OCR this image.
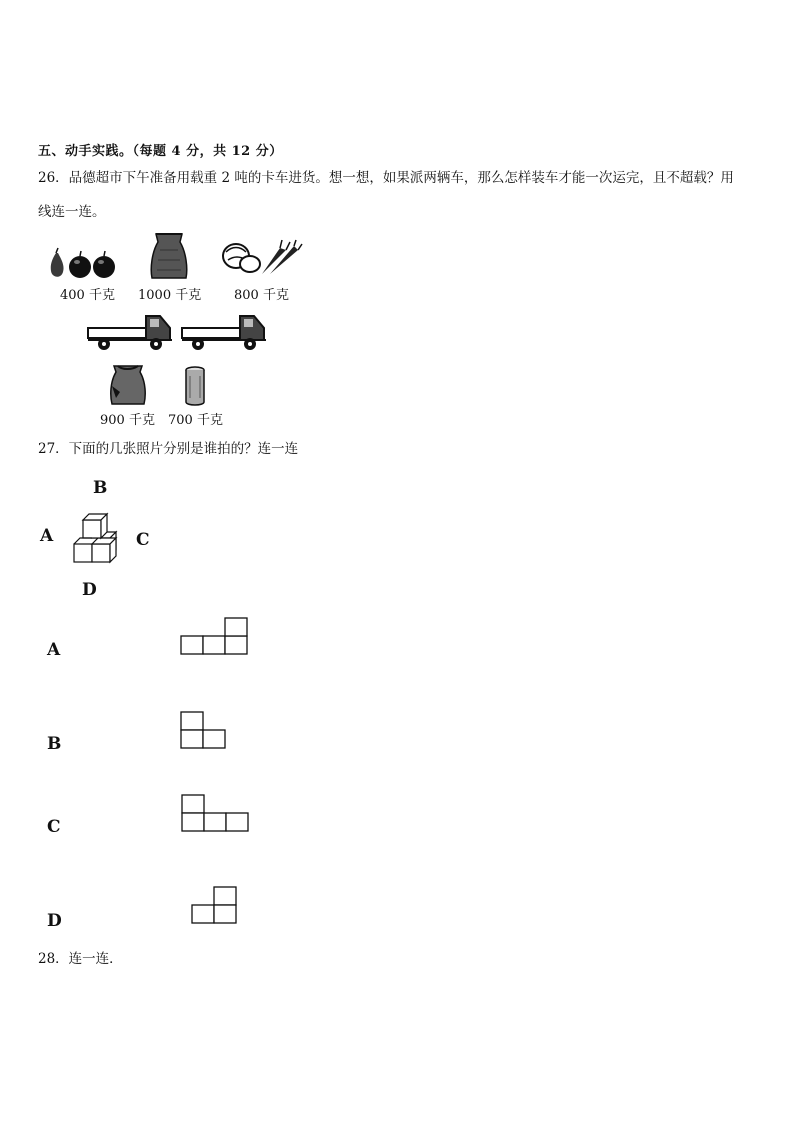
五、动手实践。（每题 4 分，共 12 分）
26．品德超市下午准备用载重 2 吨的卡车进货。想一想，如果派两辆车，那么怎样装车才能一次运完，且不超载？用
线连一连。
400 千克 1000 千克	800 千克
900 千克 700 千克
27．下面的几张照片分别是谁拍的？连一连
B
A	C
D
A
B
C
D
28．连一连．
